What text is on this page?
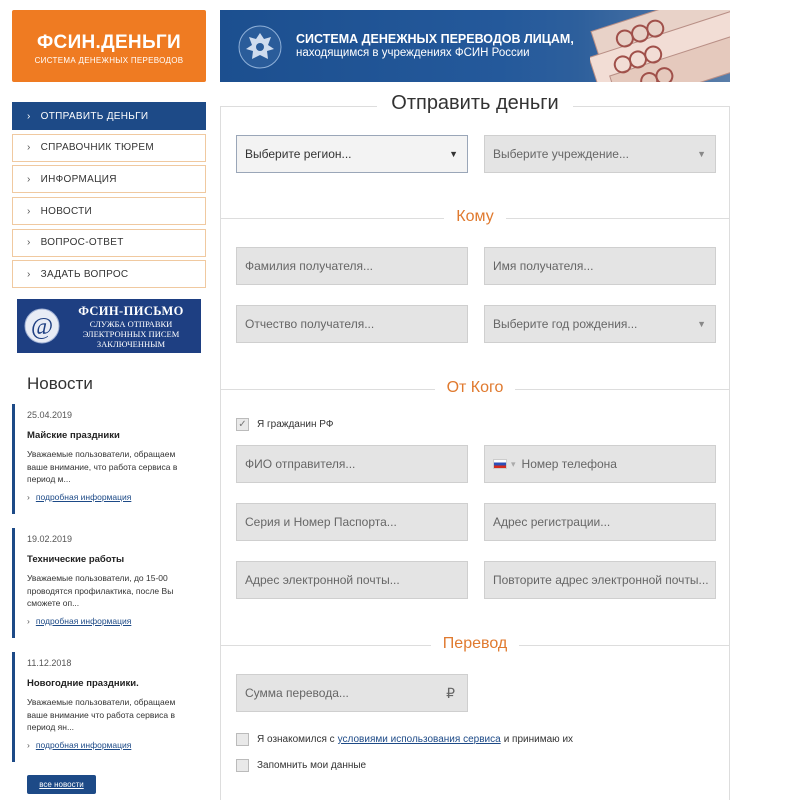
ФСИН.ДЕНЬГИ
СИСТЕМА ДЕНЕЖНЫХ ПЕРЕВОДОВ
СИСТЕМА ДЕНЕЖНЫХ ПЕРЕВОДОВ ЛИЦАМ,
находящимся в учреждениях ФСИН России
› ОТПРАВИТЬ ДЕНЬГИ
› СПРАВОЧНИК ТЮРЕМ
› ИНФОРМАЦИЯ
› НОВОСТИ
› ВОПРОС-ОТВЕТ
› ЗАДАТЬ ВОПРОС
@
ФСИН-ПИСЬМО
СЛУЖБА ОТПРАВКИ
ЭЛЕКТРОННЫХ ПИСЕМ
ЗАКЛЮЧЕННЫМ
Новости
25.04.2019
Майские праздники
Уважаемые пользователи, обращаем
ваше внимание, что работа сервиса в
период м...
› подробная информация
19.02.2019
Технические работы
Уважаемые пользователи, до 15-00
проводятся профилактика, после Вы
сможете оп...
› подробная информация
11.12.2018
Новогодние праздники.
Уважаемые пользователи, обращаем
ваше внимание что работа сервиса в
период ян...
› подробная информация
все новости
Отправить деньги
Выберите регион...	▼	Выберите учреждение...	▼
Кому
Фамилия получателя...	Имя получателя...
Отчество получателя...	Выберите год рождения...	▼
От Кого
✓ Я гражданин РФ
ФИО отправителя...	▾ Номер телефона
Серия и Номер Паспорта...	Адрес регистрации...
Адрес электронной почты...	Повторите адрес электронной почты...
Перевод
Сумма перевода...	₽
Я ознакомился с условиями использования сервиса и принимаю их
Запомнить мои данные
